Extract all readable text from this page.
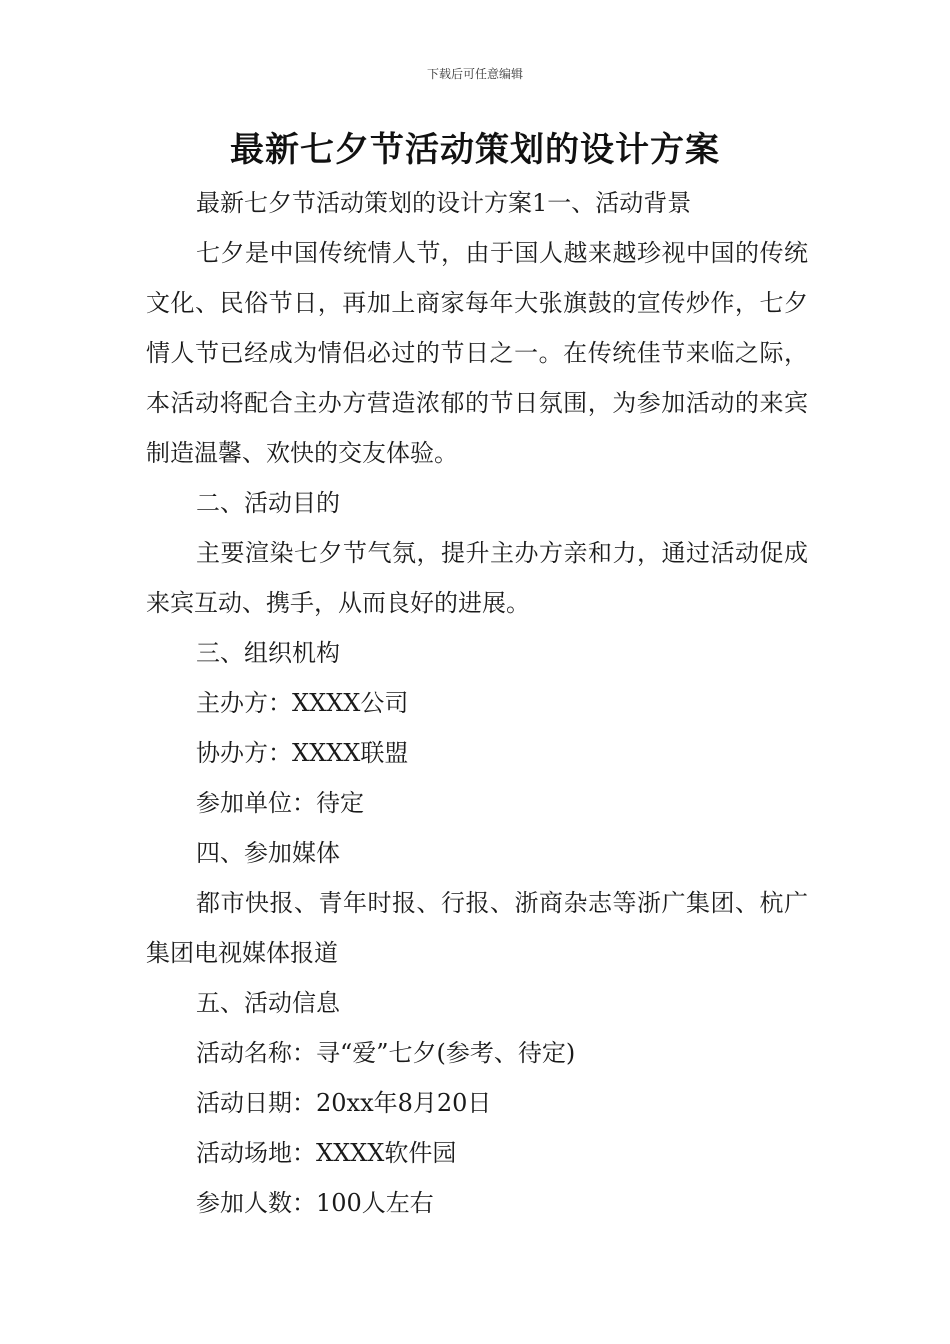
下载后可任意编辑
最新七夕节活动策划的设计方案

最新七夕节活动策划的设计方案1一、活动背景

七夕是中国传统情人节，由于国人越来越珍视中国的传统文化、民俗节日，再加上商家每年大张旗鼓的宣传炒作，七夕情人节已经成为情侣必过的节日之一。在传统佳节来临之际，本活动将配合主办方营造浓郁的节日氛围，为参加活动的来宾制造温馨、欢快的交友体验。

二、活动目的

主要渲染七夕节气氛，提升主办方亲和力，通过活动促成来宾互动、携手，从而良好的进展。

三、组织机构

主办方：XXXX公司

协办方：XXXX联盟

参加单位：待定

四、参加媒体

都市快报、青年时报、行报、浙商杂志等浙广集团、杭广集团电视媒体报道

五、活动信息

活动名称：寻“爱”七夕(参考、待定)

活动日期：20xx年8月20日

活动场地：XXXX软件园

参加人数：100人左右
